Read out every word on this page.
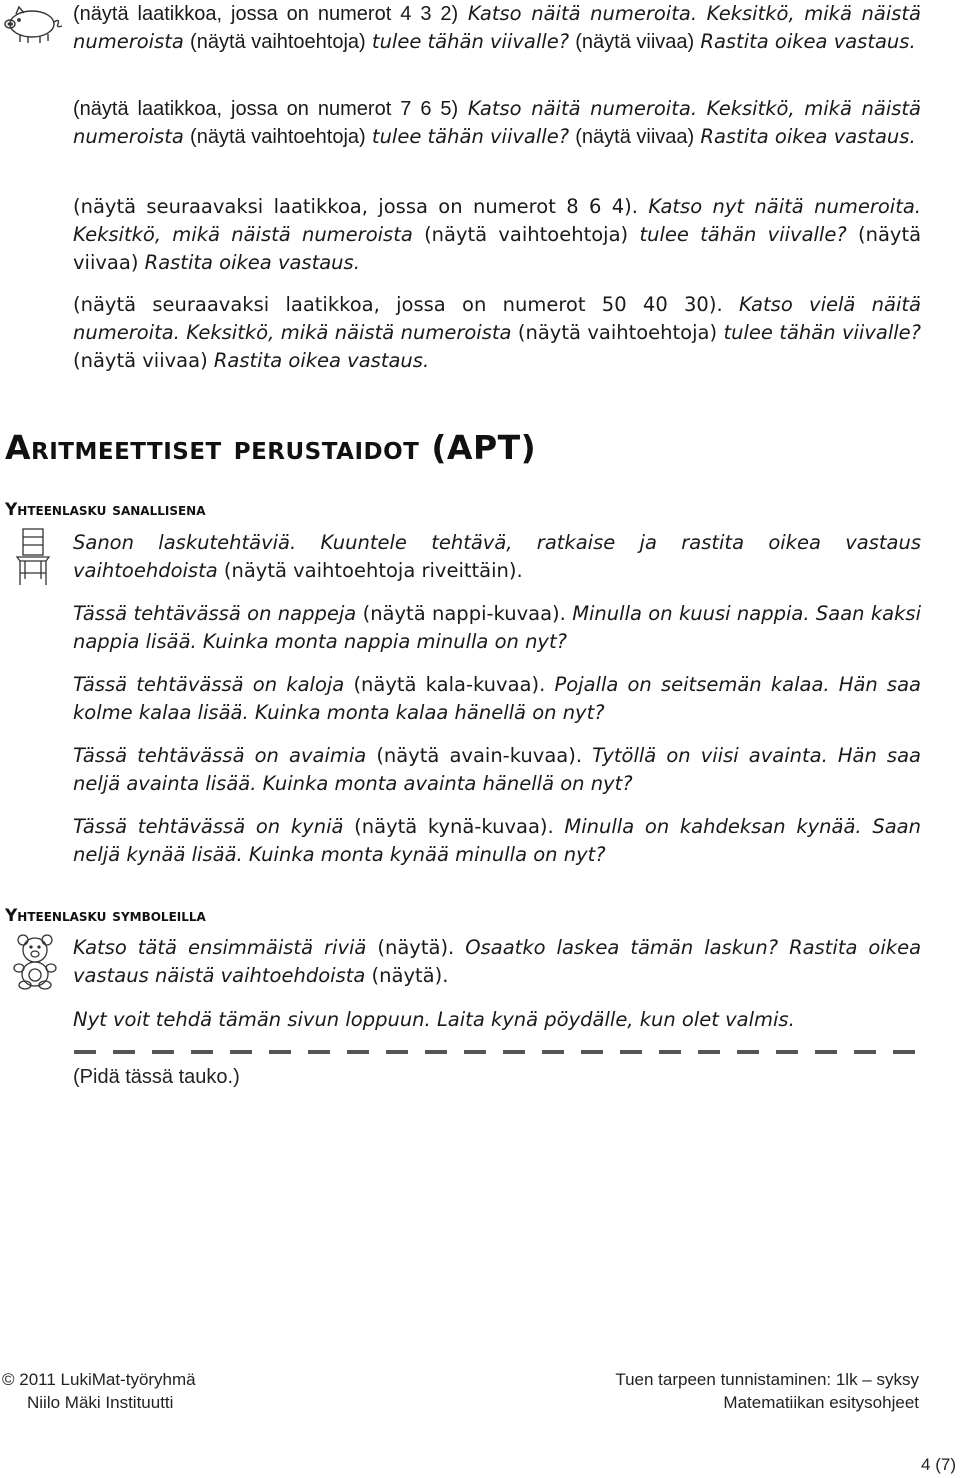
(näytä laatikkoa, jossa on numerot 4 3 2) Katso näitä numeroita. Keksitkö, mikä näistä numeroista (näytä vaihtoehtoja) tulee tähän viivalle? (näytä viivaa) Rastita oikea vastaus.

(näytä laatikkoa, jossa on numerot 7 6 5) Katso näitä numeroita. Keksitkö, mikä näistä numeroista (näytä vaihtoehtoja) tulee tähän viivalle? (näytä viivaa) Rastita oikea vastaus.

(näytä seuraavaksi laatikkoa, jossa on numerot 8 6 4). Katso nyt näitä numeroita. Keksitkö, mikä näistä numeroista (näytä vaihtoehtoja) tulee tähän viivalle? (näytä viivaa) Rastita oikea vastaus.

(näytä seuraavaksi laatikkoa, jossa on numerot 50 40 30). Katso vielä näitä numeroita. Keksitkö, mikä näistä numeroista (näytä vaihtoehtoja) tulee tähän viivalle? (näytä viivaa) Rastita oikea vastaus.

Aritmeettiset perustaidot (APT)
Yhteenlasku sanallisena

Sanon laskutehtäviä. Kuuntele tehtävä, ratkaise ja rastita oikea vastaus vaihtoehdoista (näytä vaihtoehtoja riveittäin).

Tässä tehtävässä on nappeja (näytä nappi-kuvaa). Minulla on kuusi nappia. Saan kaksi nappia lisää. Kuinka monta nappia minulla on nyt?

Tässä tehtävässä on kaloja (näytä kala-kuvaa). Pojalla on seitsemän kalaa. Hän saa kolme kalaa lisää. Kuinka monta kalaa hänellä on nyt?

Tässä tehtävässä on avaimia (näytä avain-kuvaa). Tytöllä on viisi avainta. Hän saa neljä avainta lisää. Kuinka monta avainta hänellä on nyt?

Tässä tehtävässä on kyniä (näytä kynä-kuvaa). Minulla on kahdeksan kynää. Saan neljä kynää lisää. Kuinka monta kynää minulla on nyt?

Yhteenlasku symboleilla

Katso tätä ensimmäistä riviä (näytä). Osaatko laskea tämän laskun? Rastita oikea vastaus näistä vaihtoehdoista (näytä).

Nyt voit tehdä tämän sivun loppuun. Laita kynä pöydälle, kun olet valmis.

(Pidä tässä tauko.)
© 2011 LukiMat-työryhmä
Niilo Mäki Instituutti
Tuen tarpeen tunnistaminen: 1lk – syksy
Matematiikan esitysohjeet
4 (7)
